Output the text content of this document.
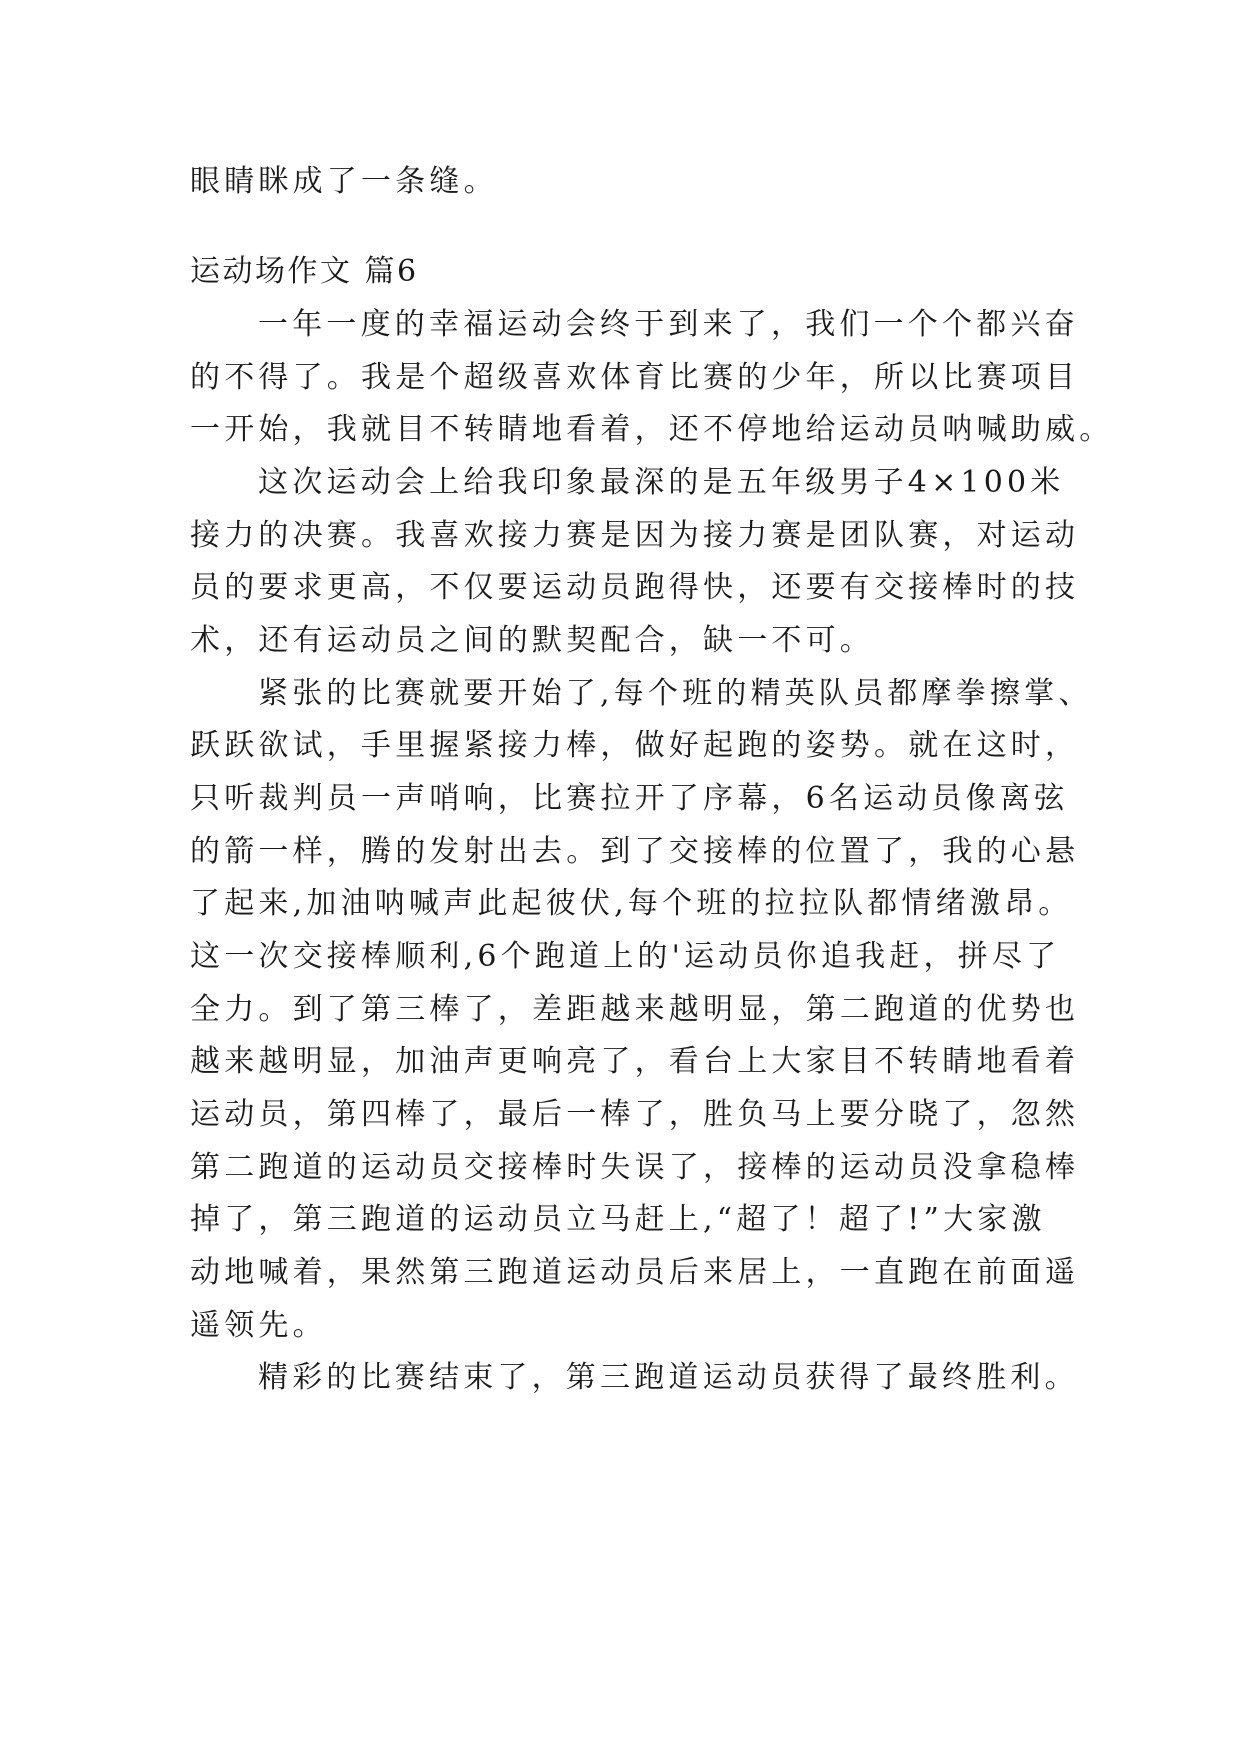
眼睛眯成了一条缝。
运动场作文 篇6
一年一度的幸福运动会终于到来了，我们一个个都兴奋
的不得了。我是个超级喜欢体育比赛的少年，所以比赛项目
一开始，我就目不转睛地看着，还不停地给运动员呐喊助威。
这次运动会上给我印象最深的是五年级男子4×100米
接力的决赛。我喜欢接力赛是因为接力赛是团队赛，对运动
员的要求更高，不仅要运动员跑得快，还要有交接棒时的技
术，还有运动员之间的默契配合，缺一不可。
紧张的比赛就要开始了,每个班的精英队员都摩拳擦掌、
跃跃欲试，手里握紧接力棒，做好起跑的姿势。就在这时，
只听裁判员一声哨响，比赛拉开了序幕，6名运动员像离弦
的箭一样，腾的发射出去。到了交接棒的位置了，我的心悬
了起来,加油呐喊声此起彼伏,每个班的拉拉队都情绪激昂。
这一次交接棒顺利,6个跑道上的'运动员你追我赶，拼尽了
全力。到了第三棒了，差距越来越明显，第二跑道的优势也
越来越明显，加油声更响亮了，看台上大家目不转睛地看着
运动员，第四棒了，最后一棒了，胜负马上要分晓了，忽然
第二跑道的运动员交接棒时失误了，接棒的运动员没拿稳棒
掉了，第三跑道的运动员立马赶上,“超了！超了!”大家激
动地喊着，果然第三跑道运动员后来居上，一直跑在前面遥
遥领先。
精彩的比赛结束了，第三跑道运动员获得了最终胜利。
